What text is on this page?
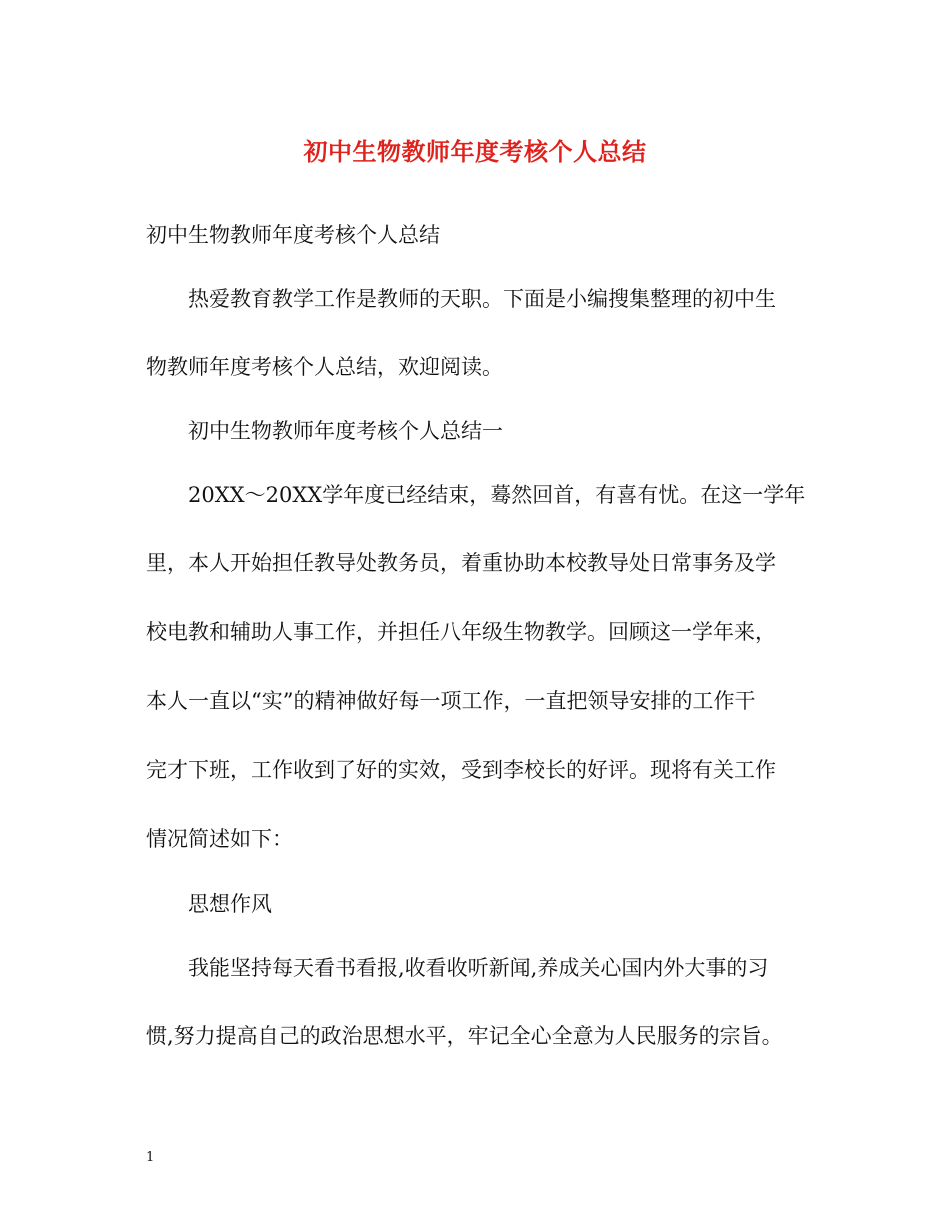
初中生物教师年度考核个人总结
初中生物教师年度考核个人总结
热爱教育教学工作是教师的天职。下面是小编搜集整理的初中生
物教师年度考核个人总结，欢迎阅读。
初中生物教师年度考核个人总结一
20XX～20XX学年度已经结束，蓦然回首，有喜有忧。在这一学年
里，本人开始担任教导处教务员，着重协助本校教导处日常事务及学
校电教和辅助人事工作，并担任八年级生物教学。回顾这一学年来，
本人一直以“实”的精神做好每一项工作，一直把领导安排的工作干
完才下班，工作收到了好的实效，受到李校长的好评。现将有关工作
情况简述如下：
思想作风
我能坚持每天看书看报,收看收听新闻,养成关心国内外大事的习
惯,努力提高自己的政治思想水平，牢记全心全意为人民服务的宗旨。
1
